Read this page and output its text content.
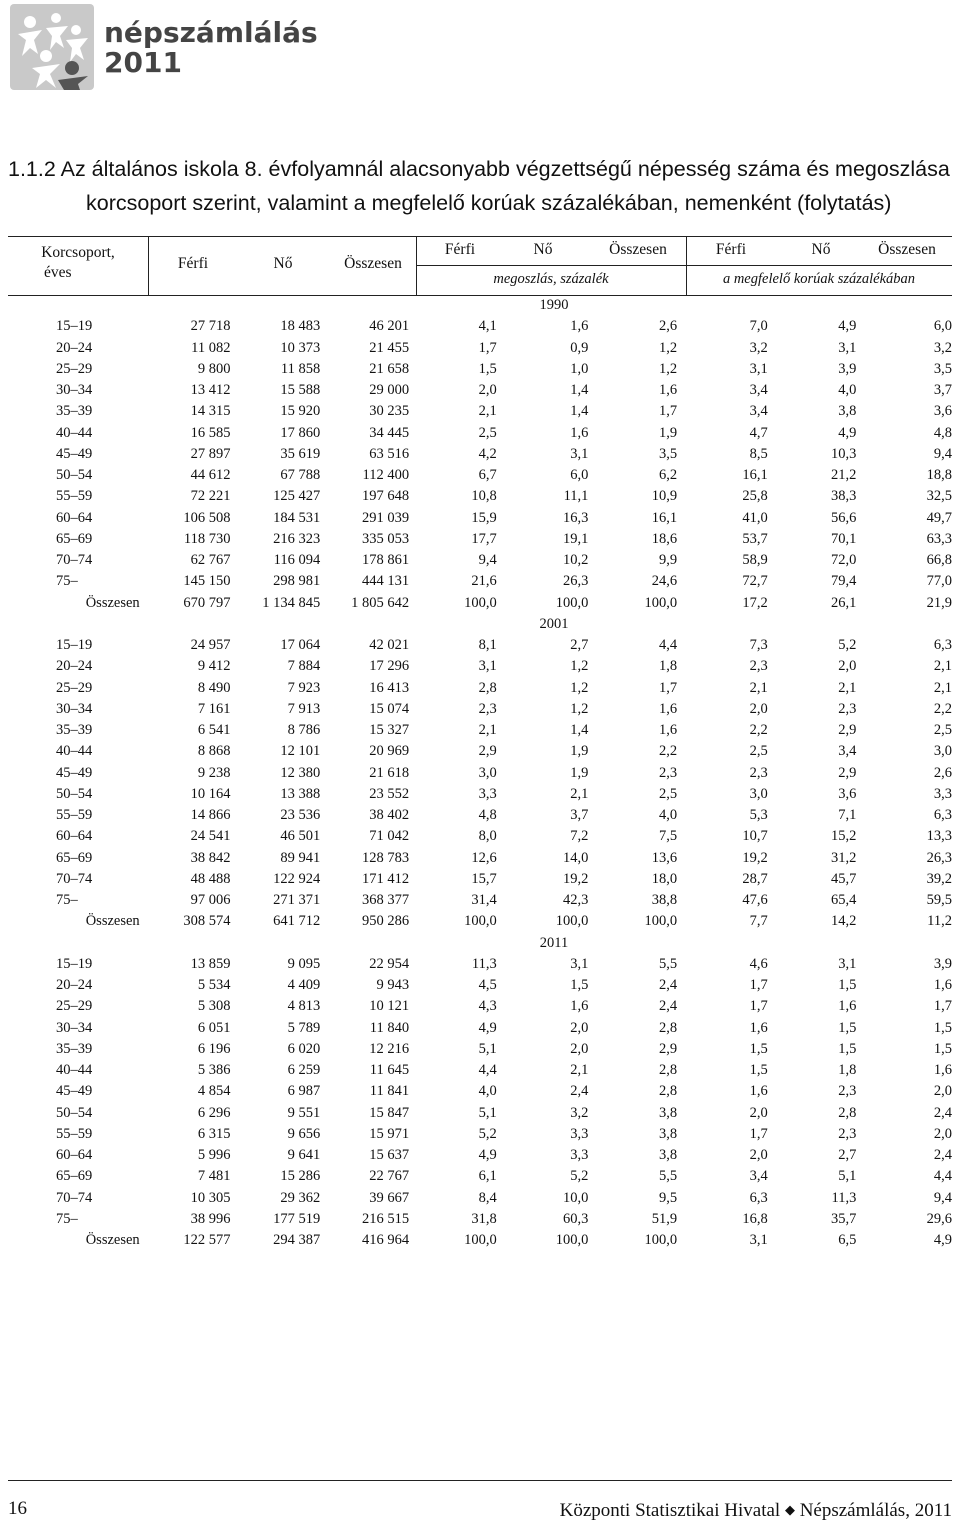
népszámlálás
2011
1.1.2 Az általános iskola 8. évfolyamnál alacsonyabb végzettségű népesség száma és megoszlása
korcsoport szerint, valamint a megfelelő korúak százalékában, nemenként (folytatás)
Korcsoport,
éves
Férfi	Nő	Összesen
Férfi	Nő	Összesen	Férfi	Nő	Összesen
megoszlás, százalék	a megfelelő korúak százalékában
1990									
15–19	27 718	18 483	46 201	4,1	1,6	2,6	7,0	4,9	6,0
20–24	11 082	10 373	21 455	1,7	0,9	1,2	3,2	3,1	3,2
25–29	9 800	11 858	21 658	1,5	1,0	1,2	3,1	3,9	3,5
30–34	13 412	15 588	29 000	2,0	1,4	1,6	3,4	4,0	3,7
35–39	14 315	15 920	30 235	2,1	1,4	1,7	3,4	3,8	3,6
40–44	16 585	17 860	34 445	2,5	1,6	1,9	4,7	4,9	4,8
45–49	27 897	35 619	63 516	4,2	3,1	3,5	8,5	10,3	9,4
50–54	44 612	67 788	112 400	6,7	6,0	6,2	16,1	21,2	18,8
55–59	72 221	125 427	197 648	10,8	11,1	10,9	25,8	38,3	32,5
60–64	106 508	184 531	291 039	15,9	16,3	16,1	41,0	56,6	49,7
65–69	118 730	216 323	335 053	17,7	19,1	18,6	53,7	70,1	63,3
70–74	62 767	116 094	178 861	9,4	10,2	9,9	58,9	72,0	66,8
75–	145 150	298 981	444 131	21,6	26,3	24,6	72,7	79,4	77,0
Összesen	670 797	1 134 845	1 805 642	100,0	100,0	100,0	17,2	26,1	21,9
2001									
15–19	24 957	17 064	42 021	8,1	2,7	4,4	7,3	5,2	6,3
20–24	9 412	7 884	17 296	3,1	1,2	1,8	2,3	2,0	2,1
25–29	8 490	7 923	16 413	2,8	1,2	1,7	2,1	2,1	2,1
30–34	7 161	7 913	15 074	2,3	1,2	1,6	2,0	2,3	2,2
35–39	6 541	8 786	15 327	2,1	1,4	1,6	2,2	2,9	2,5
40–44	8 868	12 101	20 969	2,9	1,9	2,2	2,5	3,4	3,0
45–49	9 238	12 380	21 618	3,0	1,9	2,3	2,3	2,9	2,6
50–54	10 164	13 388	23 552	3,3	2,1	2,5	3,0	3,6	3,3
55–59	14 866	23 536	38 402	4,8	3,7	4,0	5,3	7,1	6,3
60–64	24 541	46 501	71 042	8,0	7,2	7,5	10,7	15,2	13,3
65–69	38 842	89 941	128 783	12,6	14,0	13,6	19,2	31,2	26,3
70–74	48 488	122 924	171 412	15,7	19,2	18,0	28,7	45,7	39,2
75–	97 006	271 371	368 377	31,4	42,3	38,8	47,6	65,4	59,5
Összesen	308 574	641 712	950 286	100,0	100,0	100,0	7,7	14,2	11,2
2011									
15–19	13 859	9 095	22 954	11,3	3,1	5,5	4,6	3,1	3,9
20–24	5 534	4 409	9 943	4,5	1,5	2,4	1,7	1,5	1,6
25–29	5 308	4 813	10 121	4,3	1,6	2,4	1,7	1,6	1,7
30–34	6 051	5 789	11 840	4,9	2,0	2,8	1,6	1,5	1,5
35–39	6 196	6 020	12 216	5,1	2,0	2,9	1,5	1,5	1,5
40–44	5 386	6 259	11 645	4,4	2,1	2,8	1,5	1,8	1,6
45–49	4 854	6 987	11 841	4,0	2,4	2,8	1,6	2,3	2,0
50–54	6 296	9 551	15 847	5,1	3,2	3,8	2,0	2,8	2,4
55–59	6 315	9 656	15 971	5,2	3,3	3,8	1,7	2,3	2,0
60–64	5 996	9 641	15 637	4,9	3,3	3,8	2,0	2,7	2,4
65–69	7 481	15 286	22 767	6,1	5,2	5,5	3,4	5,1	4,4
70–74	10 305	29 362	39 667	8,4	10,0	9,5	6,3	11,3	9,4
75–	38 996	177 519	216 515	31,8	60,3	51,9	16,8	35,7	29,6
Összesen	122 577	294 387	416 964	100,0	100,0	100,0	3,1	6,5	4,9
16	Központi Statisztikai Hivatal ◆ Népszámlálás, 2011
